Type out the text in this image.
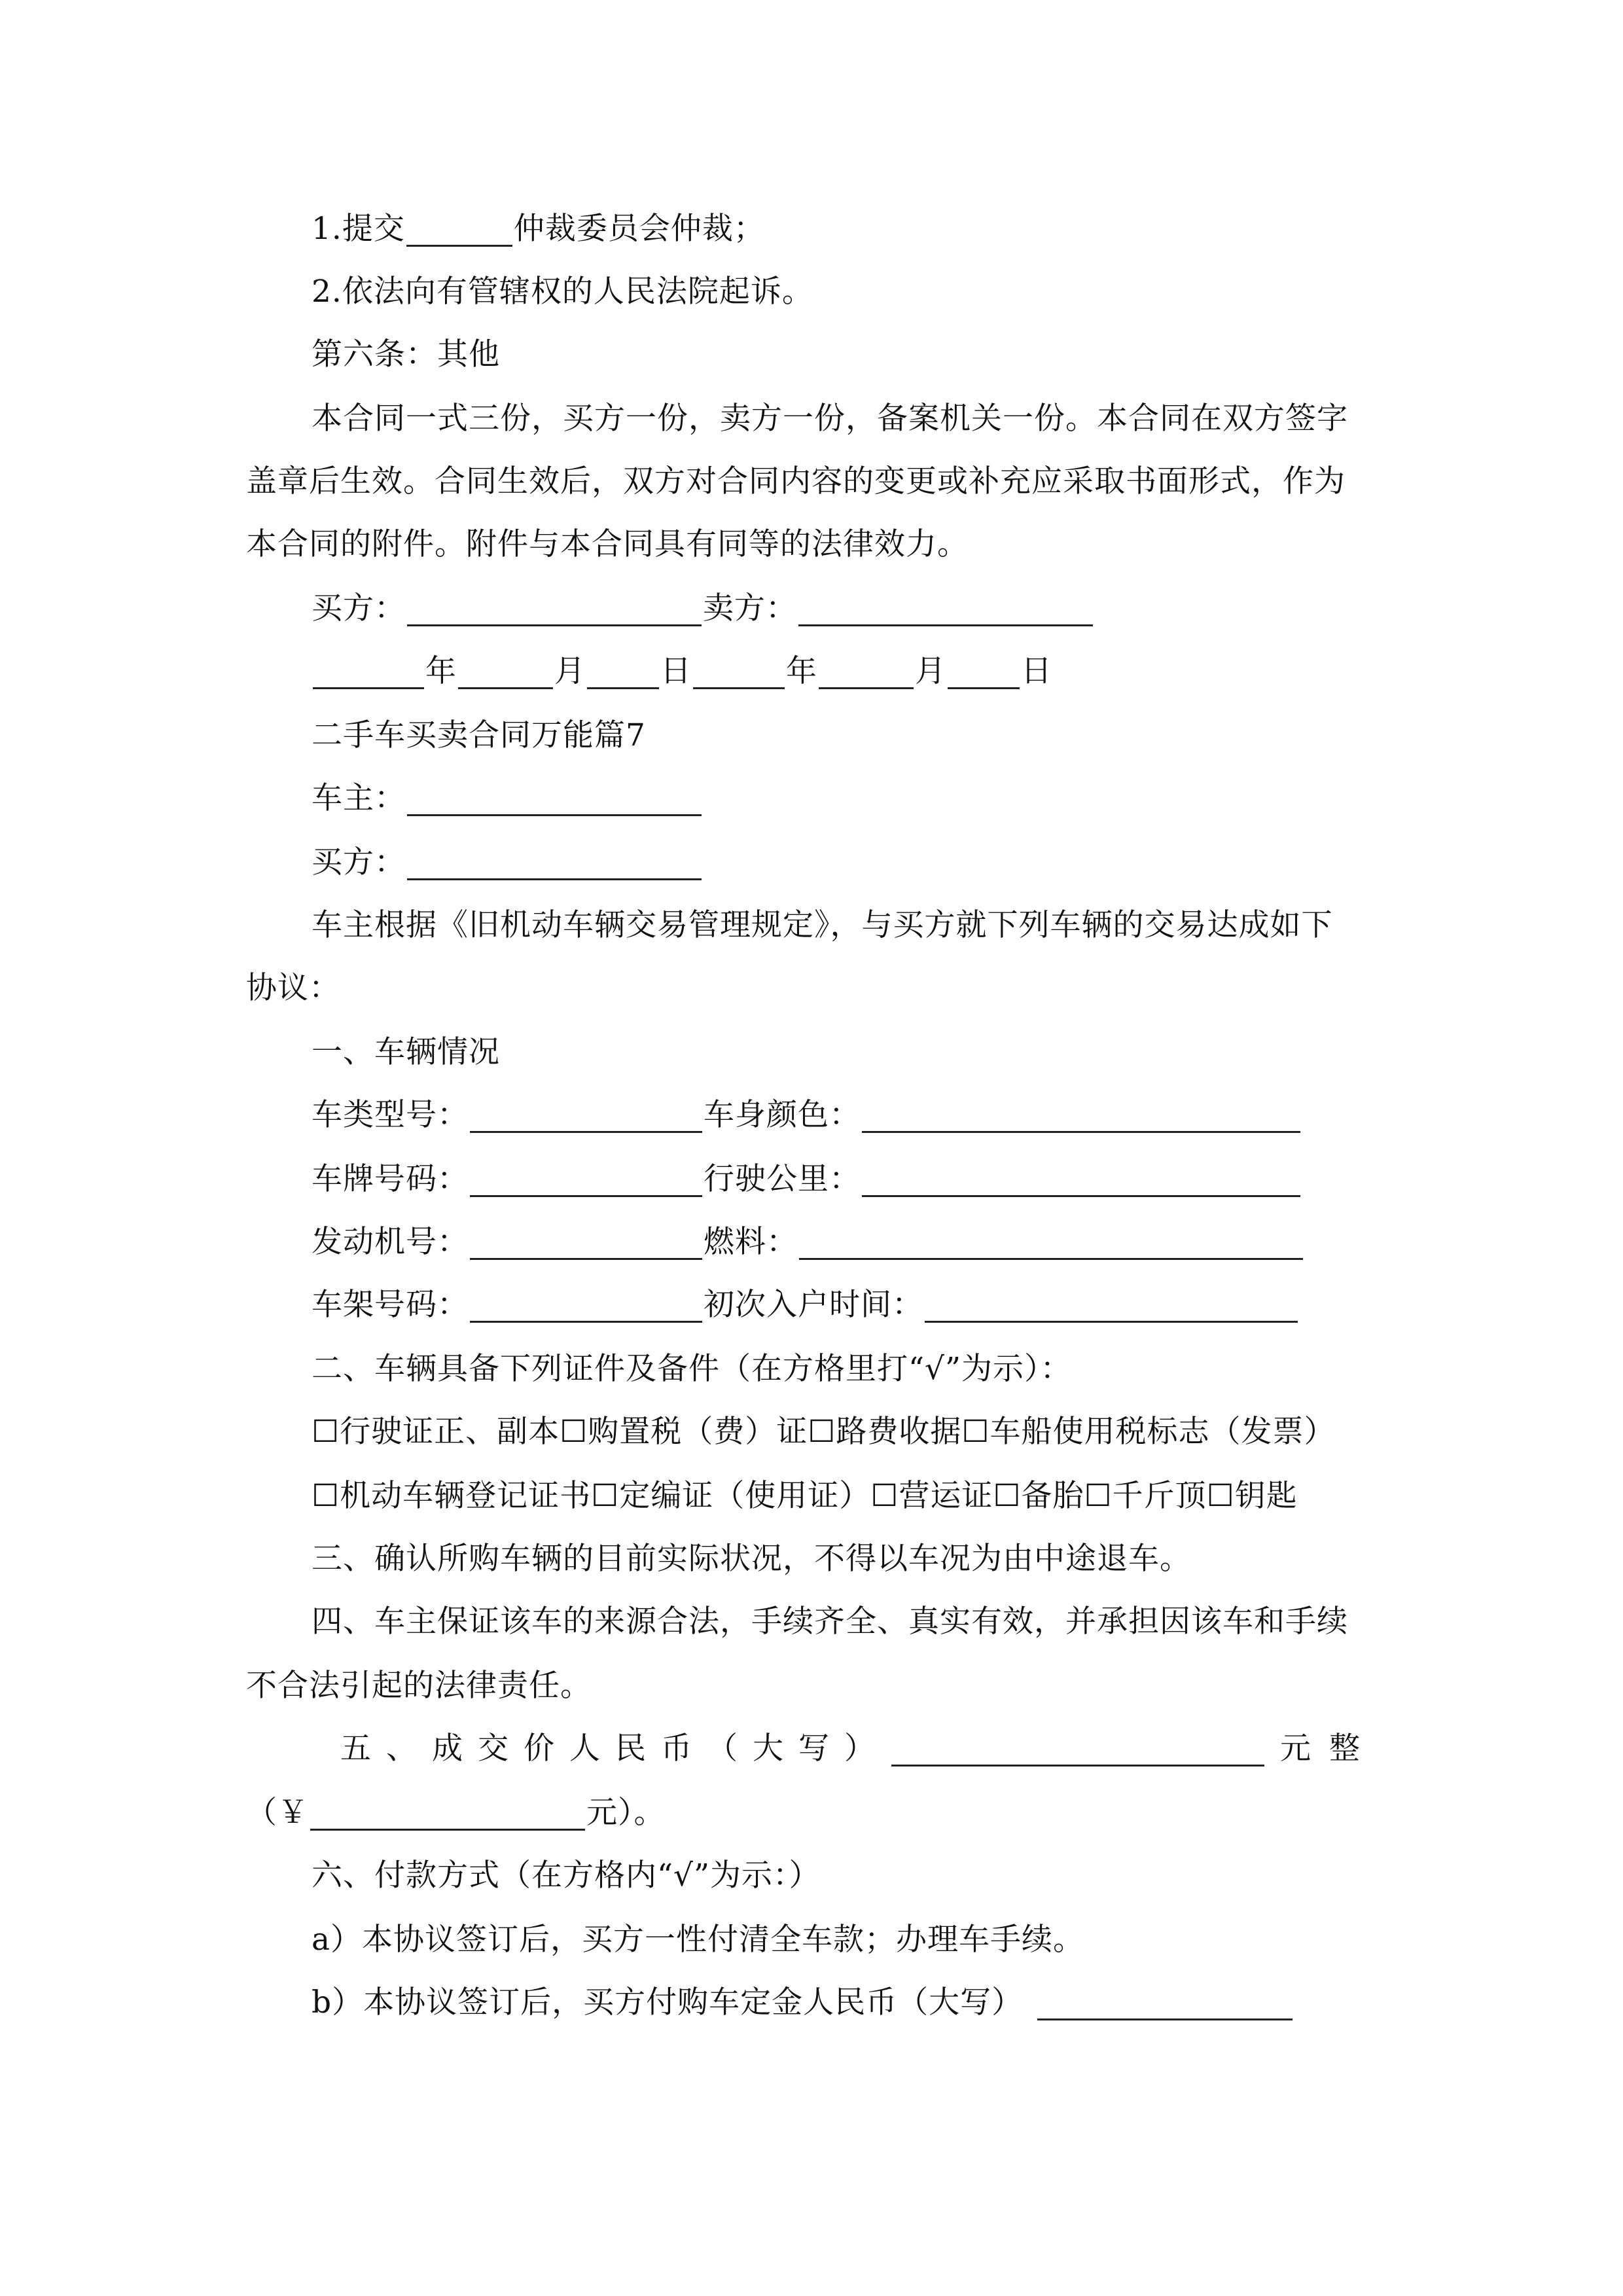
1.提交	仲裁委员会仲裁；
2.依法向有管辖权的人民法院起诉。
第六条：其他
本合同一式三份，买方一份，卖方一份，备案机关一份。本合同在双方签字
盖章后生效。合同生效后，双方对合同内容的变更或补充应采取书面形式，作为
本合同的附件。附件与本合同具有同等的法律效力。
买方：	卖方：
年	月 日	年	月 日
二手车买卖合同万能篇7
车主：
买方：
车主根据《旧机动车辆交易管理规定》，与买方就下列车辆的交易达成如下
协议：
一、车辆情况
车类型号：	车身颜色：
车牌号码：	行驶公里：
发动机号：	燃料：
车架号码：	初次入户时间：
二、车辆具备下列证件及备件（在方格里打“√”为示）：
☐行驶证正、副本☐购置税（费）证☐路费收据☐车船使用税标志（发票）
☐机动车辆登记证书☐定编证（使用证）☐营运证☐备胎☐千斤顶☐钥匙
三、确认所购车辆的目前实际状况，不得以车况为由中途退车。
四、车主保证该车的来源合法，手续齐全、真实有效，并承担因该车和手续
不合法引起的法律责任。
五 、 成 交 价 人 民 币 （ 大 写 ）	元整
（￥	元）。
六、付款方式（在方格内“√”为示：）
a）本协议签订后，买方一性付清全车款；办理车手续。
b）本协议签订后，买方付购车定金人民币（大写）
